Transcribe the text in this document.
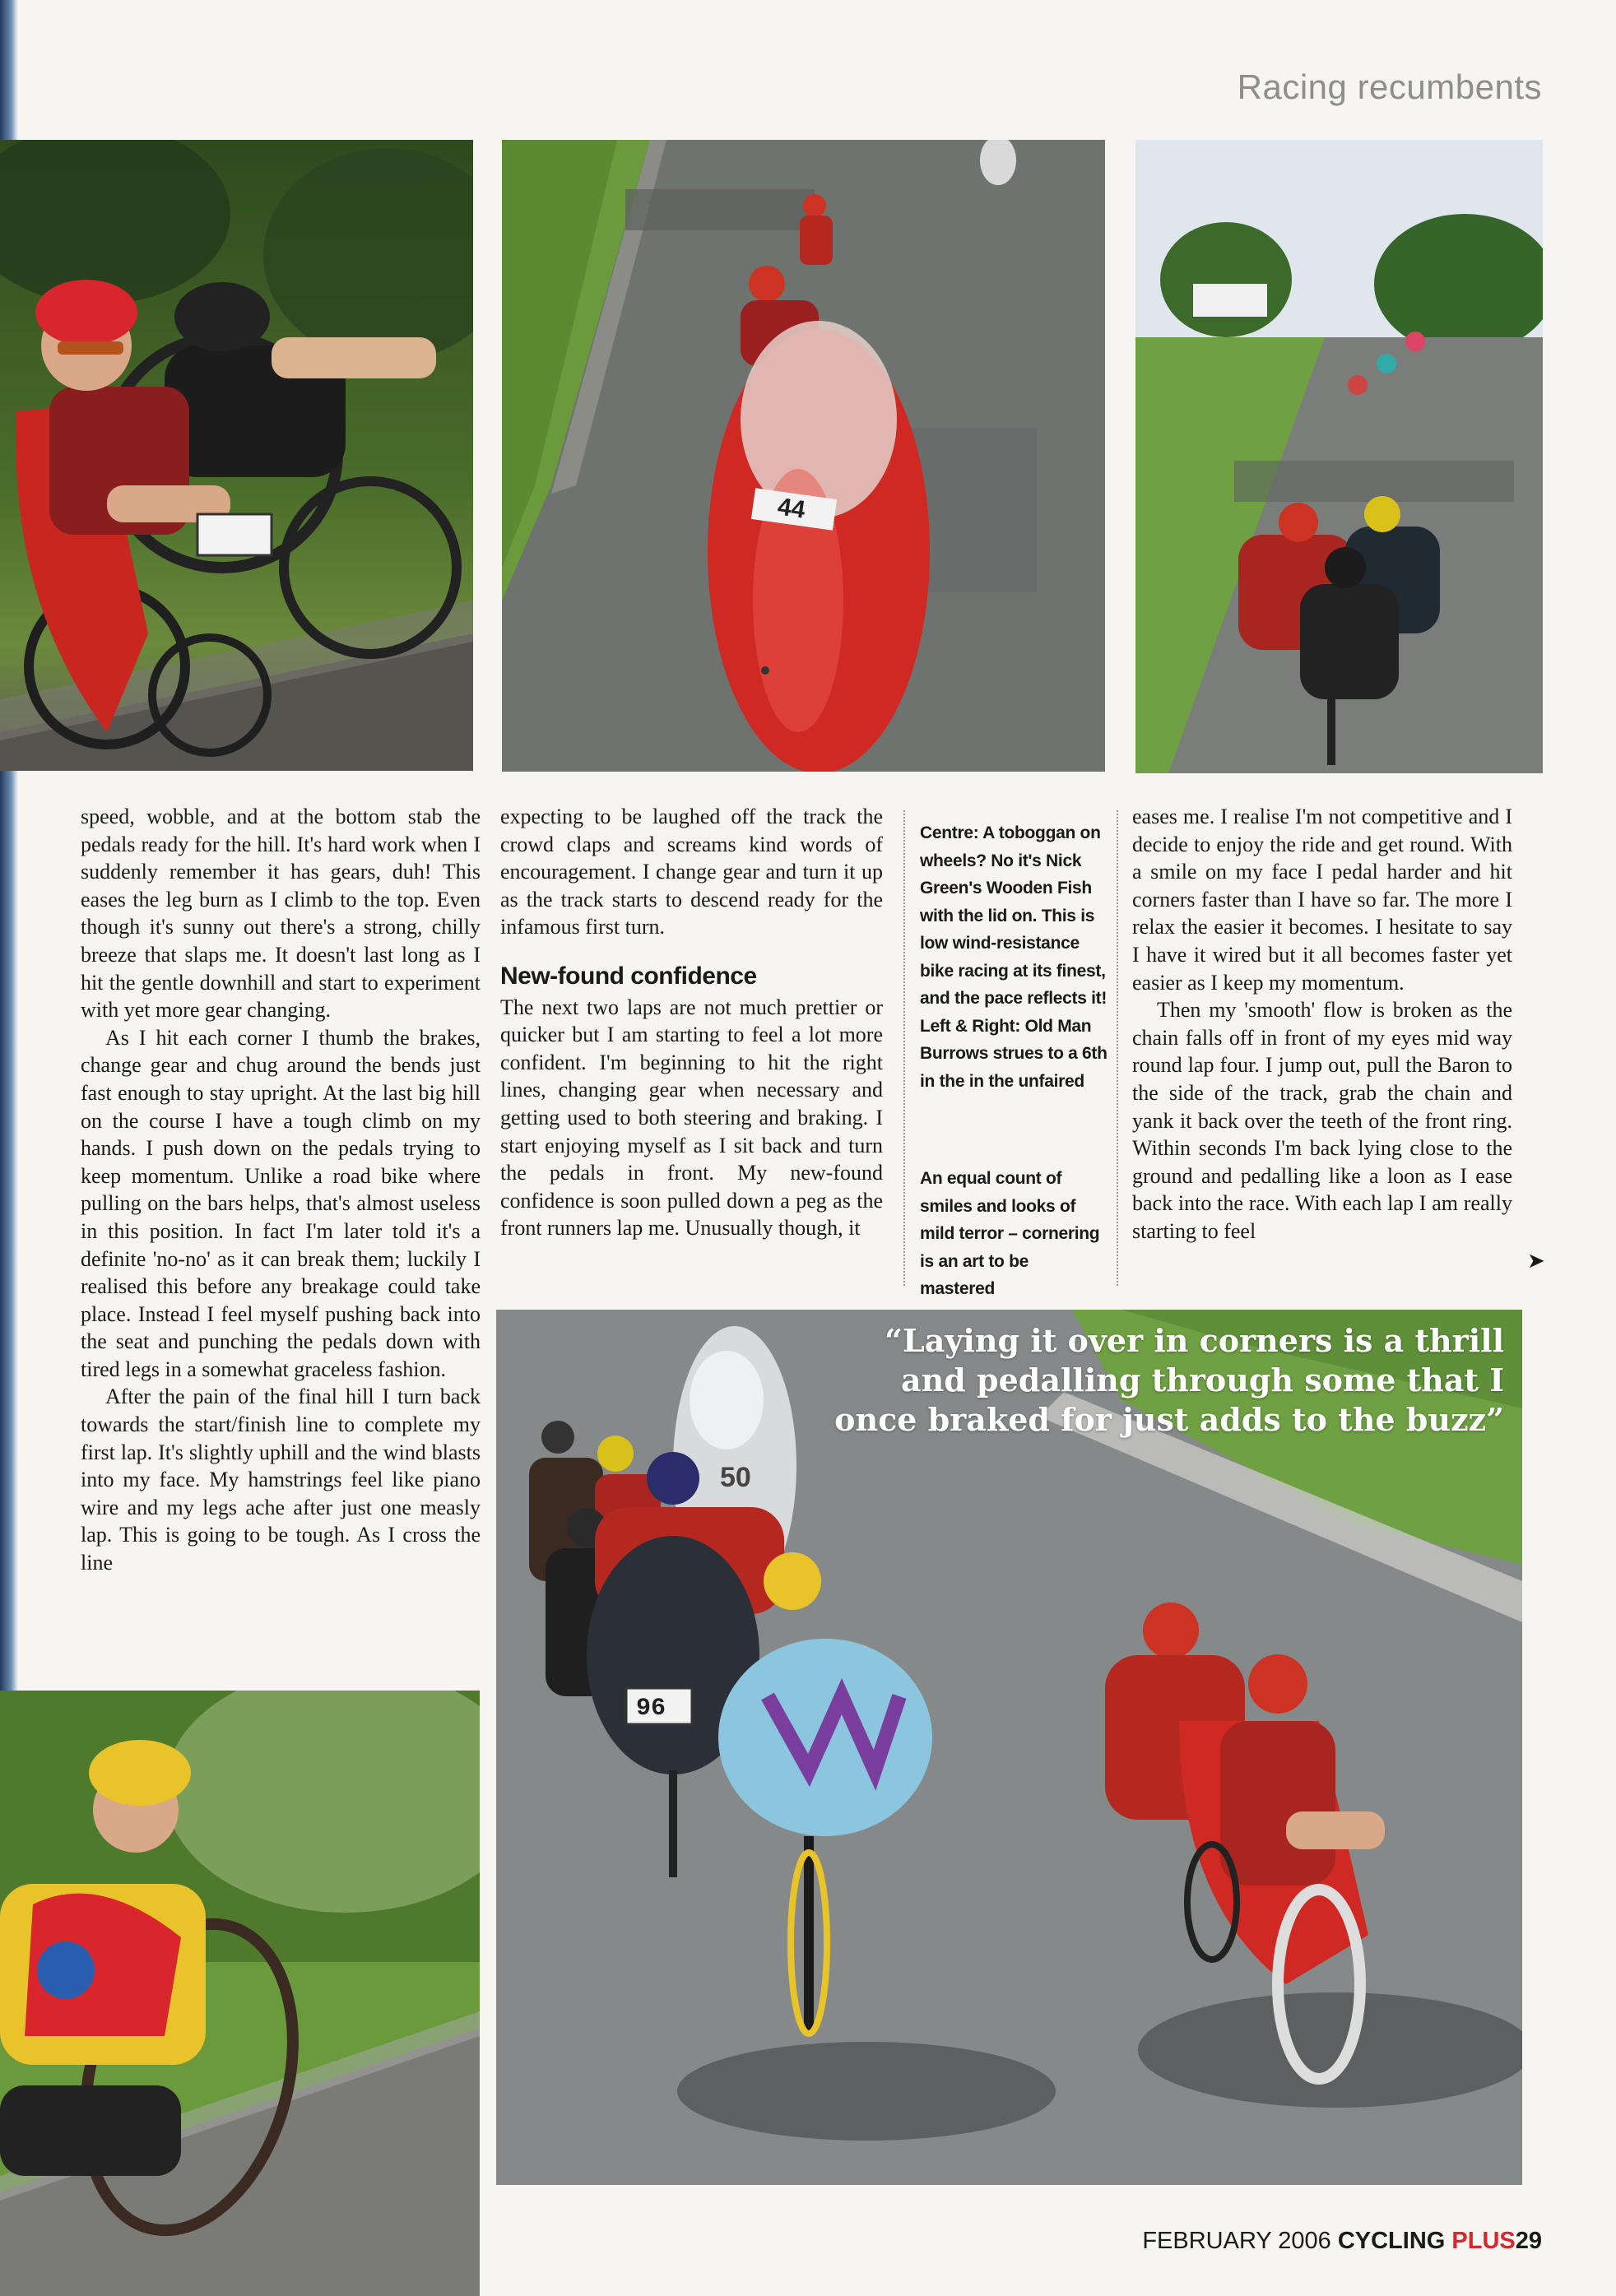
Racing recumbents
44

speed, wobble, and at the bottom stab the pedals ready for the hill. It's hard work when I suddenly remember it has gears, duh! This eases the leg burn as I climb to the top. Even though it's sunny out there's a strong, chilly breeze that slaps me. It doesn't last long as I hit the gentle downhill and start to experiment with yet more gear changing.

As I hit each corner I thumb the brakes, change gear and chug around the bends just fast enough to stay upright. At the last big hill on the course I have a tough climb on my hands. I push down on the pedals trying to keep momentum. Unlike a road bike where pulling on the bars helps, that's almost useless in this position. In fact I'm later told it's a definite 'no-no' as it can break them; luckily I realised this before any breakage could take place. Instead I feel myself pushing back into the seat and punching the pedals down with tired legs in a somewhat graceless fashion.

After the pain of the final hill I turn back towards the start/finish line to complete my first lap. It's slightly uphill and the wind blasts into my face. My hamstrings feel like piano wire and my legs ache after just one measly lap. This is going to be tough. As I cross the line

expecting to be laughed off the track the crowd claps and screams kind words of encouragement. I change gear and turn it up as the track starts to descend ready for the infamous first turn.

New-found confidence

The next two laps are not much prettier or quicker but I am starting to feel a lot more confident. I'm beginning to hit the right lines, changing gear when necessary and getting used to both steering and braking. I start enjoying myself as I sit back and turn the pedals in front. My new-found confidence is soon pulled down a peg as the front runners lap me. Unusually though, it

Centre: A toboggan on wheels? No it's Nick Green's Wooden Fish with the lid on. This is low wind-resistance bike racing at its finest, and the pace reflects it! Left & Right: Old Man Burrows strues to a 6th in the in the unfaired

An equal count of smiles and looks of mild terror – cornering is an art to be mastered

eases me. I realise I'm not competitive and I decide to enjoy the ride and get round. With a smile on my face I pedal harder and hit corners faster than I have so far. The more I relax the easier it becomes. I hesitate to say I have it wired but it all becomes faster yet easier as I keep my momentum.

Then my 'smooth' flow is broken as the chain falls off in front of my eyes mid way round lap four. I jump out, pull the Baron to the side of the track, grab the chain and yank it back over the teeth of the front ring. Within seconds I'm back lying close to the ground and pedalling like a loon as I ease back into the race. With each lap I am really starting to feel

➤
50
96
“Laying it over in corners is a thrill
and pedalling through some that I
once braked for just adds to the buzz”
FEBRUARY 2006 CYCLING PLUS29
